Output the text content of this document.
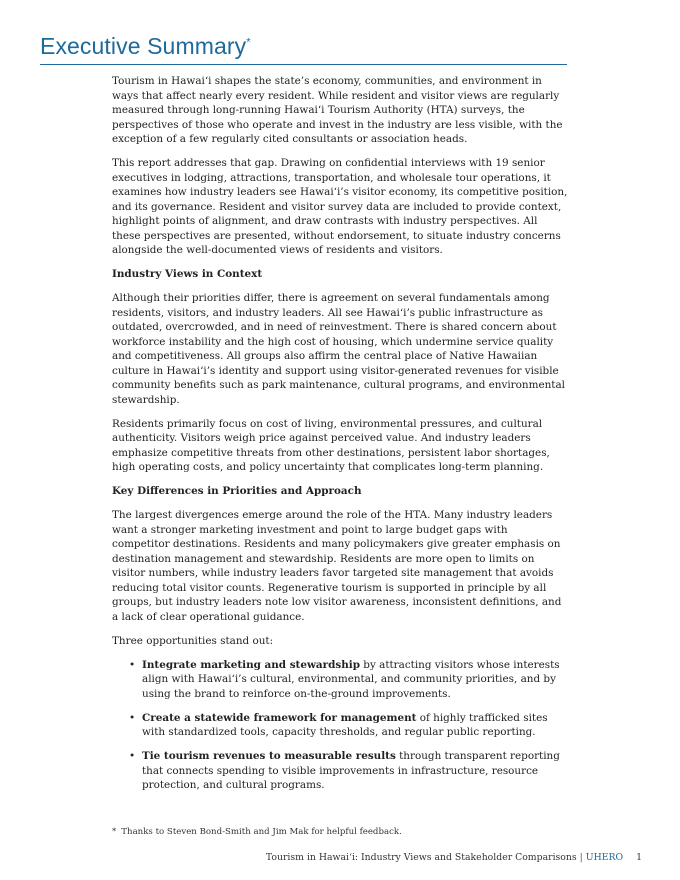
Executive Summary*

Tourism in Hawai‘i shapes the state’s economy, communities, and environment in ways that affect nearly every resident. While resident and visitor views are regularly measured through long-running Hawai‘i Tourism Authority (HTA) surveys, the perspectives of those who operate and invest in the industry are less visible, with the exception of a few regularly cited consultants or association heads.

This report addresses that gap. Drawing on confidential interviews with 19 senior executives in lodging, attractions, transportation, and wholesale tour operations, it examines how industry leaders see Hawai‘i’s visitor economy, its competitive position, and its governance. Resident and visitor survey data are included to provide context, highlight points of alignment, and draw contrasts with industry perspectives. All these perspectives are presented, without endorsement, to situate industry concerns alongside the well-documented views of residents and visitors.

Industry Views in Context

Although their priorities differ, there is agreement on several fundamentals among residents, visitors, and industry leaders. All see Hawai‘i’s public infrastructure as outdated, overcrowded, and in need of reinvestment. There is shared concern about workforce instability and the high cost of housing, which undermine service quality and competitiveness. All groups also affirm the central place of Native Hawaiian culture in Hawai‘i’s identity and support using visitor-generated revenues for visible community benefits such as park maintenance, cultural programs, and environmental stewardship.

Residents primarily focus on cost of living, environmental pressures, and cultural authenticity. Visitors weigh price against perceived value. And industry leaders emphasize competitive threats from other destinations, persistent labor shortages, high operating costs, and policy uncertainty that complicates long-term planning.

Key Differences in Priorities and Approach

The largest divergences emerge around the role of the HTA. Many industry leaders want a stronger marketing investment and point to large budget gaps with competitor destinations. Residents and many policymakers give greater emphasis on destination management and stewardship. Residents are more open to limits on visitor numbers, while industry leaders favor targeted site management that avoids reducing total visitor counts. Regenerative tourism is supported in principle by all groups, but industry leaders note low visitor awareness, inconsistent definitions, and a lack of clear operational guidance.

Three opportunities stand out:

• Integrate marketing and stewardship by attracting visitors whose interests align with Hawai‘i’s cultural, environmental, and community priorities, and by using the brand to reinforce on-the-ground improvements.
• Create a statewide framework for management of highly trafficked sites with standardized tools, capacity thresholds, and regular public reporting.
• Tie tourism revenues to measurable results through transparent reporting that connects spending to visible improvements in infrastructure, resource protection, and cultural programs.
* Thanks to Steven Bond-Smith and Jim Mak for helpful feedback.
Tourism in Hawai‘i: Industry Views and Stakeholder Comparisons | UHERO 1
